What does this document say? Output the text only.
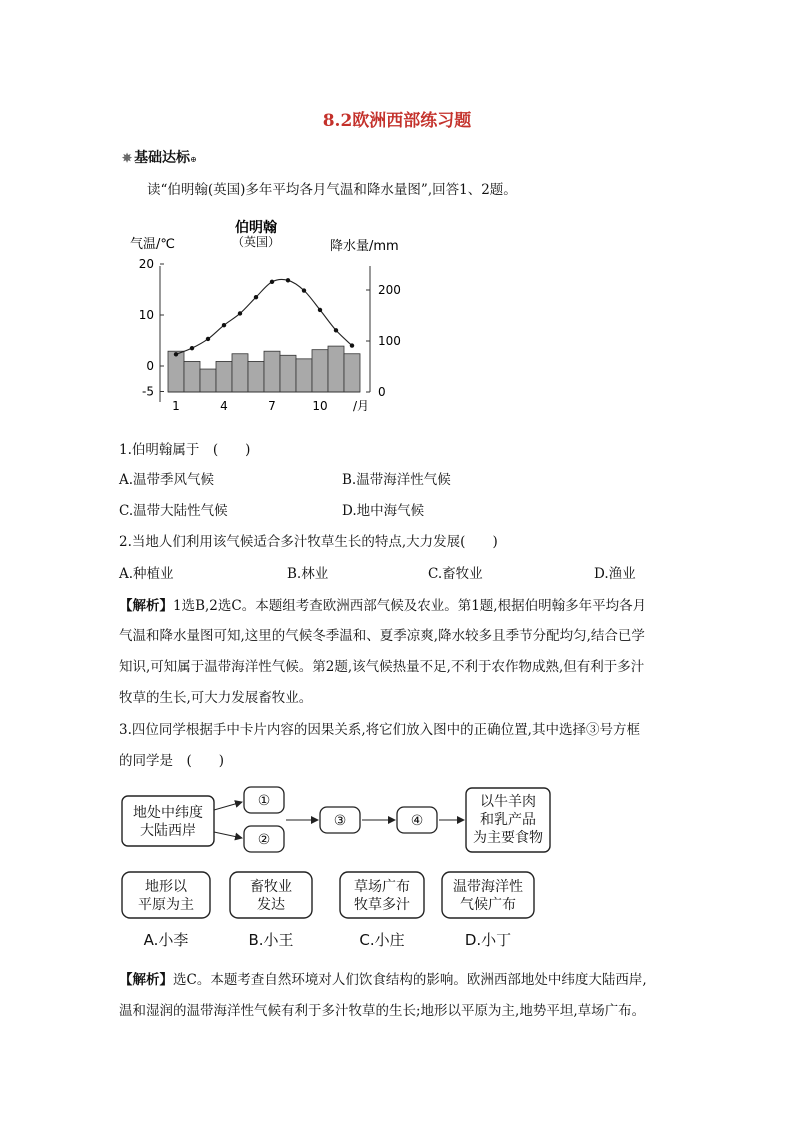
8.2欧洲西部练习题
✵ 基础达标⊕
读“伯明翰(英国)多年平均各月气温和降水量图”,回答1、2题。
伯明翰
（英国）
气温/℃	降水量/mm
20
10
0
-5
200
100
0
1	4	7	10 /月
1.伯明翰属于　(　　)
A.温带季风气候	B.温带海洋性气候
C.温带大陆性气候	D.地中海气候
2.当地人们利用该气候适合多汁牧草生长的特点,大力发展(　　)
A.种植业	B.林业	C.畜牧业	D.渔业
【解析】1选B,2选C。本题组考查欧洲西部气候及农业。第1题,根据伯明翰多年平均各月
气温和降水量图可知,这里的气候冬季温和、夏季凉爽,降水较多且季节分配均匀,结合已学
知识,可知属于温带海洋性气候。第2题,该气候热量不足,不利于农作物成熟,但有利于多汁
牧草的生长,可大力发展畜牧业。
3.四位同学根据手中卡片内容的因果关系,将它们放入图中的正确位置,其中选择③号方框
的同学是　(　　)
地处中纬度
大陆西岸
①
②
③	④
以牛羊肉
和乳产品
为主要食物
地形以
平原为主
A.小李
畜牧业
发达
B.小王
草场广布
牧草多汁
C.小庄
温带海洋性
气候广布
D.小丁
【解析】选C。本题考查自然环境对人们饮食结构的影响。欧洲西部地处中纬度大陆西岸,
温和湿润的温带海洋性气候有利于多汁牧草的生长;地形以平原为主,地势平坦,草场广布。
